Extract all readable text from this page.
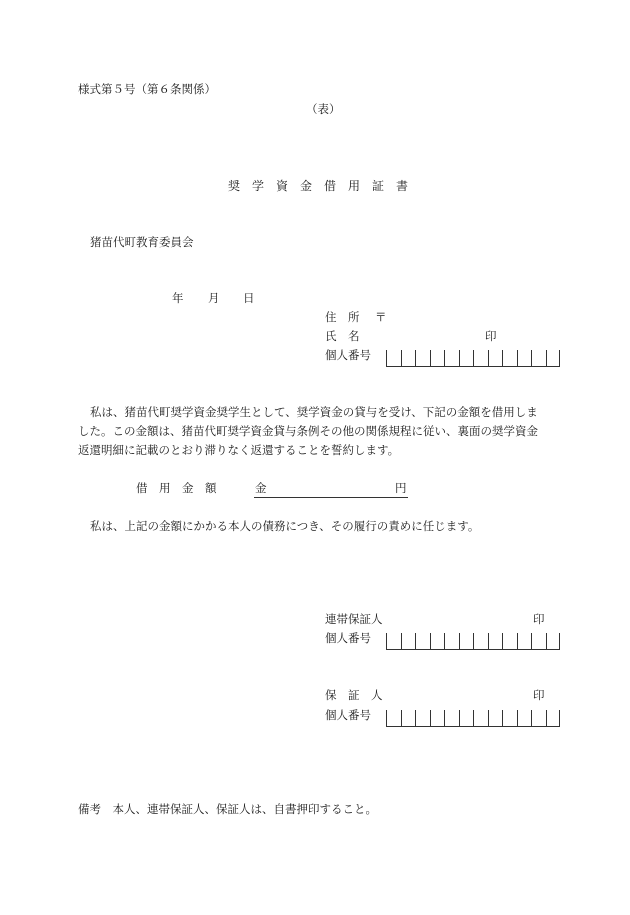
様式第５号（第６条関係）
（表）
奨　学　資　金　借　用　証　書
猪苗代町教育委員会
年 月 日
住　所 〒
氏　名	印
個人番号
私は、猪苗代町奨学資金奨学生として、奨学資金の貸与を受け、下記の金額を借用しま
した。この金額は、猪苗代町奨学資金貸与条例その他の関係規程に従い、裏面の奨学資金
返還明細に記載のとおり滞りなく返還することを誓約します。
借　用　金　額	金	円
私は、上記の金額にかかる本人の債務につき、その履行の責めに任じます。
連帯保証人	印
個人番号
保　証　人	印
個人番号
備考　本人、連帯保証人、保証人は、自書押印すること。
